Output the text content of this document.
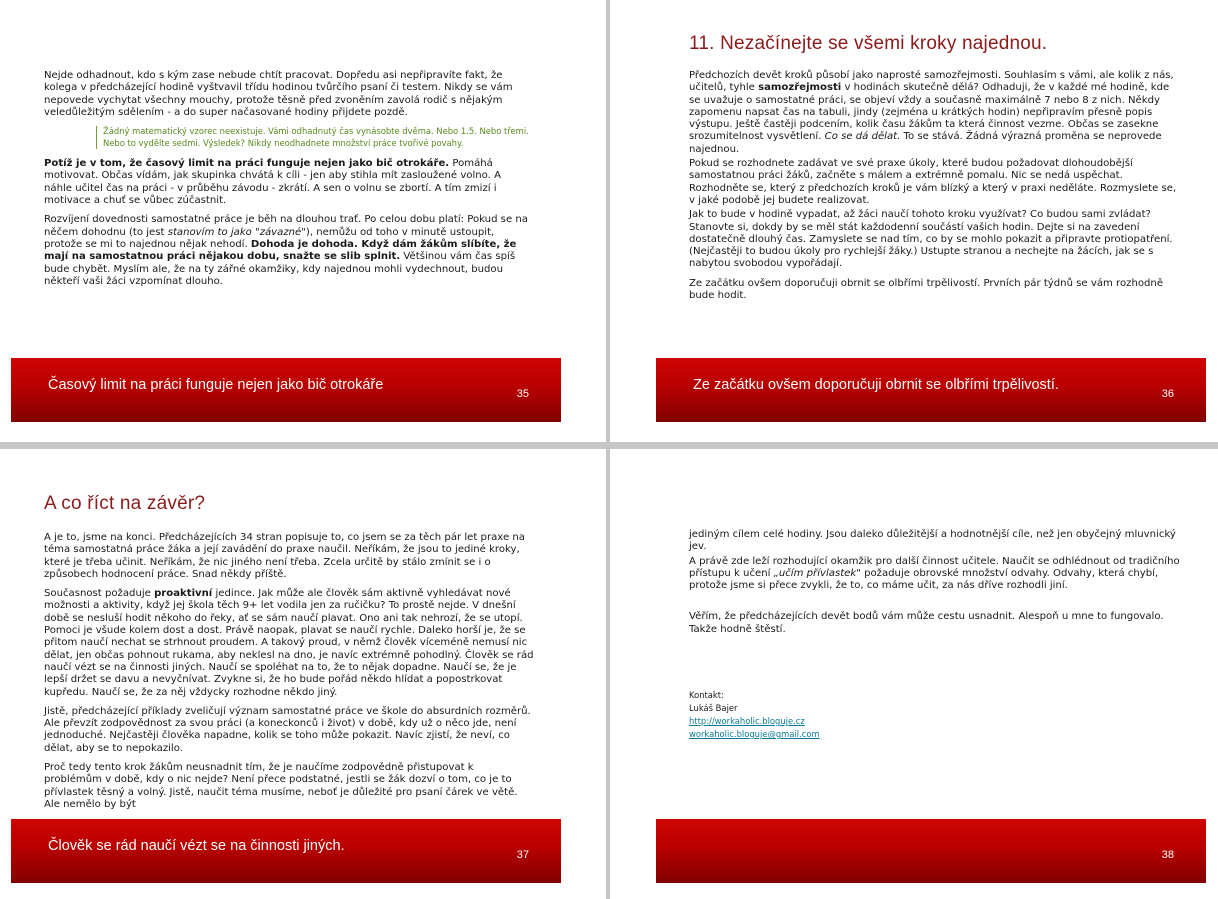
Nejde odhadnout, kdo s kým zase nebude chtít pracovat. Dopředu asi nepřipravíte fakt, že kolega v předcházející hodině vyštvavil třídu hodinou tvůrčího psaní či testem. Nikdy se vám nepovede vychytat všechny mouchy, protože těsně před zvoněním zavolá rodič s nějakým veledůležitým sdělením - a do super načasované hodiny přijdete pozdě.

Žádný matematický vzorec neexistuje. Vámi odhadnutý čas vynásobte dvěma. Nebo 1.5. Nebo třemi. Nebo to vydělte sedmi. Výsledek? Nikdy neodhadnete množství práce tvořivé povahy.

Potíž je v tom, že časový limit na práci funguje nejen jako bič otrokáře. Pomáhá motivovat. Občas vídám, jak skupinka chvátá k cíli - jen aby stihla mít zasloužené volno. A náhle učitel čas na práci - v průběhu závodu - zkrátí. A sen o volnu se zbortí. A tím zmizí i motivace a chuť se vůbec zúčastnit.

Rozvíjení dovednosti samostatné práce je běh na dlouhou trať. Po celou dobu platí: Pokud se na něčem dohodnu (to jest stanovím to jako "závazné"), nemůžu od toho v minutě ustoupit, protože se mi to najednou nějak nehodí. Dohoda je dohoda. Když dám žákům slíbíte, že mají na samostatnou práci nějakou dobu, snažte se slib splnit. Většinou vám čas spíš bude chybět. Myslím ale, že na ty zářné okamžiky, kdy najednou mohli vydechnout, budou někteří vaši žáci vzpomínat dlouho.

Časový limit na práci funguje nejen jako bič otrokáře
35
11. Nezačínejte se všemi kroky najednou.

Předchozích devět kroků působí jako naprosté samozřejmosti. Souhlasím s vámi, ale kolik z nás, učitelů, tyhle samozřejmosti v hodinách skutečně dělá? Odhaduji, že v každé mé hodině, kde se uvažuje o samostatné práci, se objeví vždy a současně maximálně 7 nebo 8 z nich. Někdy zapomenu napsat čas na tabuli, jindy (zejména u krátkých hodin) nepřipravím přesně popis výstupu. Ještě častěji podcením, kolik času žákům ta která činnost vezme. Občas se zasekne srozumitelnost vysvětlení. Co se dá dělat. To se stává. Žádná výrazná proměna se neprovede najednou.

Pokud se rozhodnete zadávat ve své praxe úkoly, které budou požadovat dlohoudobější samostatnou práci žáků, začněte s málem a extrémně pomalu. Nic se nedá uspěchat. Rozhodněte se, který z předchozích kroků je vám blízký a který v praxi neděláte. Rozmyslete se, v jaké podobě jej budete realizovat.

Jak to bude v hodině vypadat, až žáci naučí tohoto kroku využívat? Co budou sami zvládat? Stanovte si, dokdy by se měl stát každodenní součástí vašich hodin. Dejte si na zavedení dostatečně dlouhý čas. Zamyslete se nad tím, co by se mohlo pokazit a připravte protiopatření. (Nejčastěji to budou úkoly pro rychlejší žáky.) Ustupte stranou a nechejte na žácích, jak se s nabytou svobodou vypořádají.

Ze začátku ovšem doporučuji obrnit se olbřími trpělivostí. Prvních pár týdnů se vám rozhodně bude hodit.

Ze začátku ovšem doporučuji obrnit se olbřími trpělivostí.
36
A co říct na závěr?

A je to, jsme na konci. Předcházejících 34 stran popisuje to, co jsem se za těch pár let praxe na téma samostatná práce žáka a její zavádění do praxe naučil. Neříkám, že jsou to jediné kroky, které je třeba učinit. Neříkám, že nic jiného není třeba. Zcela určitě by stálo zmínit se i o způsobech hodnocení práce. Snad někdy příště.

Současnost požaduje proaktivní jedince. Jak může ale člověk sám aktivně vyhledávat nové možnosti a aktivity, když jej škola těch 9+ let vodila jen za ručičku? To prostě nejde. V dnešní době se nesluší hodit někoho do řeky, ať se sám naučí plavat. Ono ani tak nehrozí, že se utopí. Pomoci je všude kolem dost a dost. Právě naopak, plavat se naučí rychle. Daleko horší je, že se přitom naučí nechat se strhnout proudem. A takový proud, v němž člověk víceméně nemusí nic dělat, jen občas pohnout rukama, aby neklesl na dno, je navíc extrémně pohodlný. Člověk se rád naučí vézt se na činnosti jiných. Naučí se spoléhat na to, že to nějak dopadne. Naučí se, že je lepší držet se davu a nevyčnívat. Zvykne si, že ho bude pořád někdo hlídat a popostrkovat kupředu. Naučí se, že za něj vždycky rozhodne někdo jiný.

Jistě, předcházející příklady zveličují význam samostatné práce ve škole do absurdních rozměrů. Ale převzít zodpovědnost za svou práci (a koneckonců i život) v době, kdy už o něco jde, není jednoduché. Nejčastěji člověka napadne, kolik se toho může pokazit. Navíc zjistí, že neví, co dělat, aby se to nepokazilo.

Proč tedy tento krok žákům neusnadnit tím, že je naučíme zodpovědně přistupovat k problémům v době, kdy o nic nejde? Není přece podstatné, jestli se žák dozví o tom, co je to přívlastek těsný a volný. Jistě, naučit téma musíme, neboť je důležité pro psaní čárek ve větě. Ale nemělo by být

Člověk se rád naučí vézt se na činnosti jiných.
37

jediným cílem celé hodiny. Jsou daleko důležitější a hodnotnější cíle, než jen obyčejný mluvnický jev.

A právě zde leží rozhodující okamžik pro další činnost učitele. Naučit se odhlédnout od tradičního přístupu k učení „učím přívlastek" požaduje obrovské množství odvahy. Odvahy, která chybí, protože jsme si přece zvykli, že to, co máme učit, za nás dříve rozhodli jiní.

Věřím, že předcházejících devět bodů vám může cestu usnadnit. Alespoň u mne to fungovalo. Takže hodně štěstí.

Kontakt:
Lukáš Bajer
http://workaholic.bloguje.cz
workaholic.bloguje@gmail.com
38
